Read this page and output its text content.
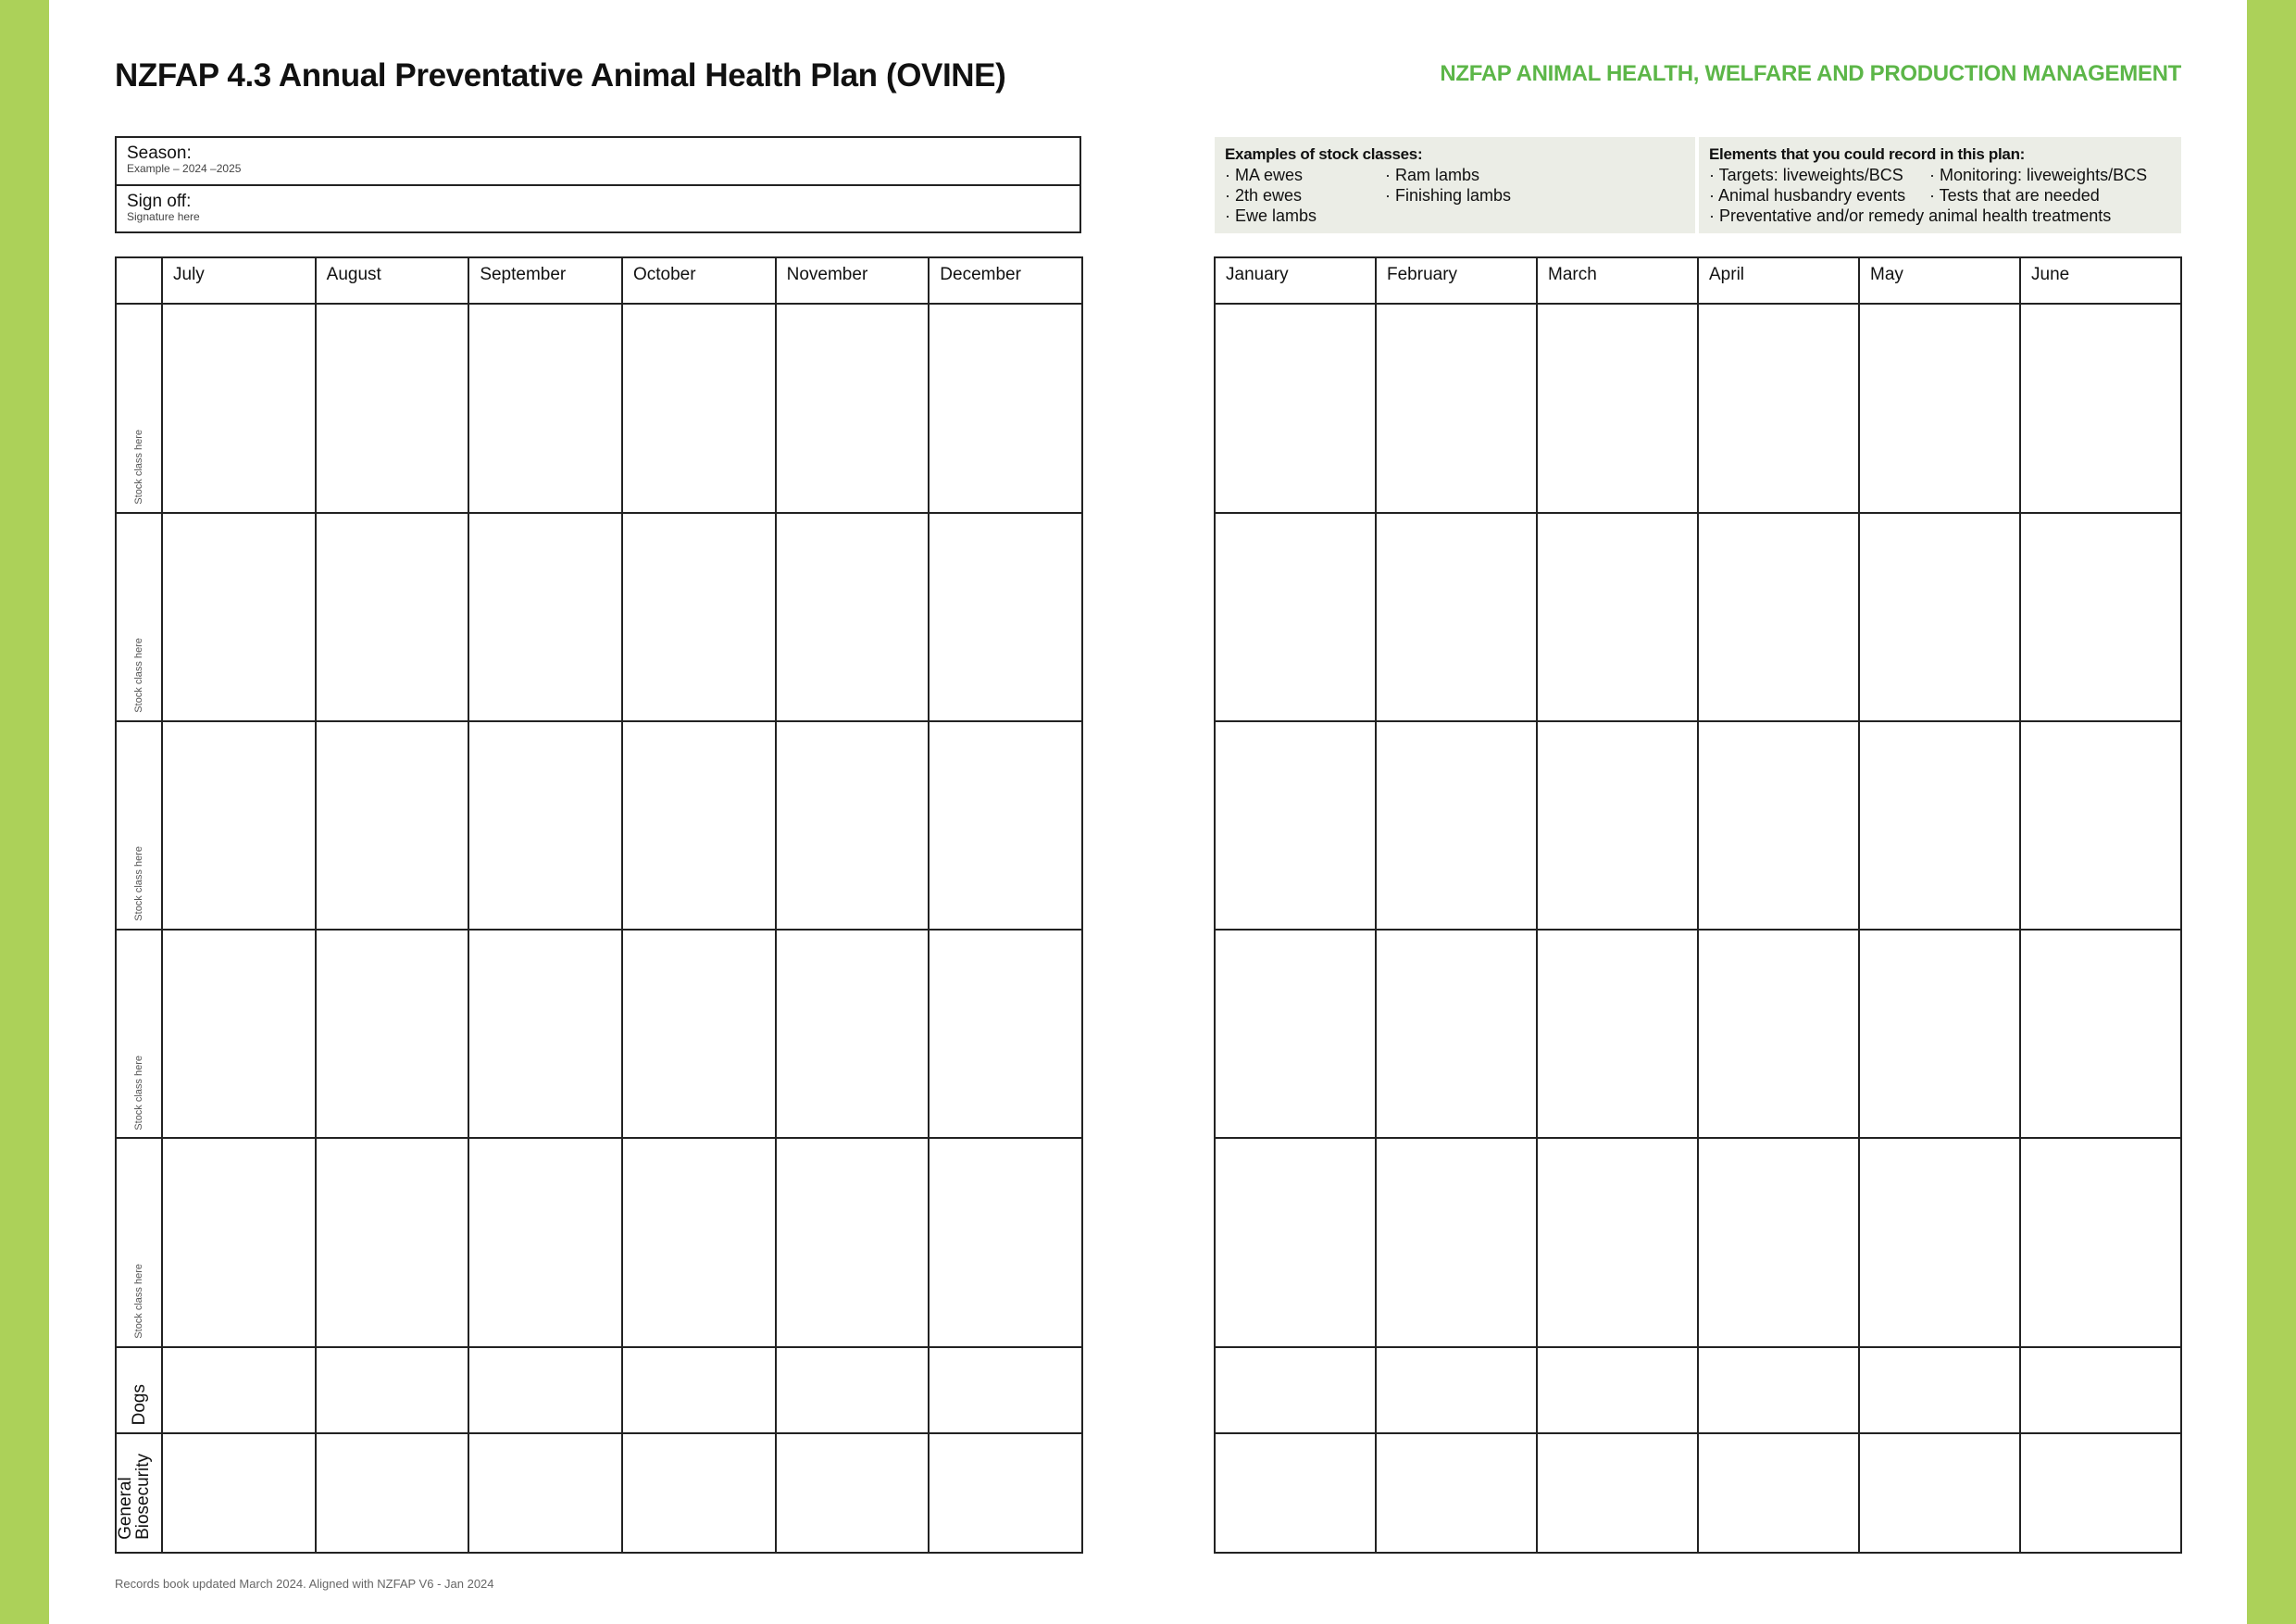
NZFAP 4.3 Annual Preventative Animal Health Plan (OVINE)	NZFAP ANIMAL HEALTH, WELFARE AND PRODUCTION MANAGEMENT
Season:
Example – 2024 –2025
Sign off:
Signature here
Examples of stock classes:
· MA ewes
· 2th ewes
· Ewe lambs
· Ram lambs
· Finishing lambs
Elements that you could record in this plan:
· Targets: liveweights/BCS
· Animal husbandry events
· Monitoring: liveweights/BCS
· Tests that are needed
· Preventative and/or remedy animal health treatments
	July	August	September	October	November	December

Stock class here						

Stock class here						

Stock class here						

Stock class here						

Stock class here						

Dogs						

General
Biosecurity						
January	February	March	April	May	June

Records book updated March 2024. Aligned with NZFAP V6 - Jan 2024
